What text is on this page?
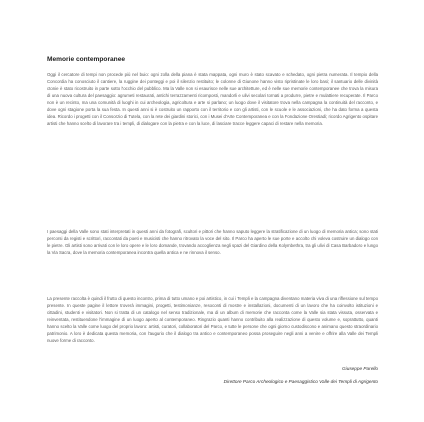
Memorie contemporanee

Oggi il cercatore di tempi non procede più nel buio: ogni zolla della piana è stata mappata, ogni muro è stato scavato e schedato, ogni pietra numerata. Il tempio della Concordia ha conosciuto il cantiere, la ruggine dei ponteggi e poi il silenzio restituito; le colonne di Giunone hanno visto ripristinate le loro basi; il santuario delle divinità ctonie è stato ricostruito in parte sotto l'occhio del pubblico. Ma la Valle non si esaurisce nelle sue architetture, ed è nelle sue memorie contemporanee che trova la misura di una nuova cultura del paesaggio: agrumeti restaurati, antichi terrazzamenti ricomposti, mandorli e ulivi secolari tornati a produrre, pietre e mulattiere recuperate. Il Parco non è un recinto, ma una comunità di luoghi in cui archeologia, agricoltura e arte si parlano; un luogo dove il visitatore trova nella campagna la continuità del racconto, e dove ogni stagione porta la sua festa. In questi anni si è costruito un rapporto con il territorio e con gli artisti, con le scuole e le associazioni, che ha dato forma a questa idea. Ricordo i progetti con il Consorzio di Tutela, con la rete dei giardini storici, con i Musei d'Arte Contemporanea e con la Fondazione Orestiadi; ricordo Agrigento ospitare artisti che hanno scelto di lavorare tra i templi, di dialogare con la pietra e con la luce, di lasciare tracce leggere capaci di restare nella memoria.

I paesaggi della Valle sono stati interpretati in questi anni da fotografi, scultori e pittori che hanno saputo leggere la stratificazione di un luogo di memoria antica; sono stati percorsi da registi e scrittori, raccontati da poeti e musicisti che hanno ritrovato la voce del sito. Il Parco ha aperto le sue porte e accolto chi voleva costruire un dialogo con le pietre. Gli artisti sono arrivati con le loro opere e le loro domande, trovando accoglienza negli spazi del Giardino della Kolymbethra, tra gli ulivi di Casa Barbadoro e lungo la Via Sacra, dove la memoria contemporanea incontra quella antica e ne rinnova il senso.

La presente raccolta è quindi il frutto di questo incontro, prima di tutto umano e poi artistico, in cui i Templi e la campagna diventano materia viva di una riflessione sul tempo presente. In queste pagine il lettore troverà immagini, progetti, testimonianze, resoconti di mostre e installazioni, documenti di un lavoro che ha coinvolto istituzioni e cittadini, studenti e visitatori. Non si tratta di un catalogo nel senso tradizionale, ma di un album di memorie che racconta come la Valle sia stata vissuta, osservata e reinventata, restituendone l'immagine di un luogo aperto al contemporaneo. Ringrazio quanti hanno contribuito alla realizzazione di questo volume e, soprattutto, quanti hanno scelto la Valle come luogo del proprio lavoro: artisti, curatori, collaboratori del Parco, e tutte le persone che ogni giorno custodiscono e animano questo straordinario patrimonio. A loro è dedicata questa memoria, con l'augurio che il dialogo tra antico e contemporaneo possa proseguire negli anni a venire e offrire alla Valle dei Templi nuove forme di racconto.

Giuseppe Parello

Direttore Parco Archeologico e Paesaggistico Valle dei Templi di Agrigento
